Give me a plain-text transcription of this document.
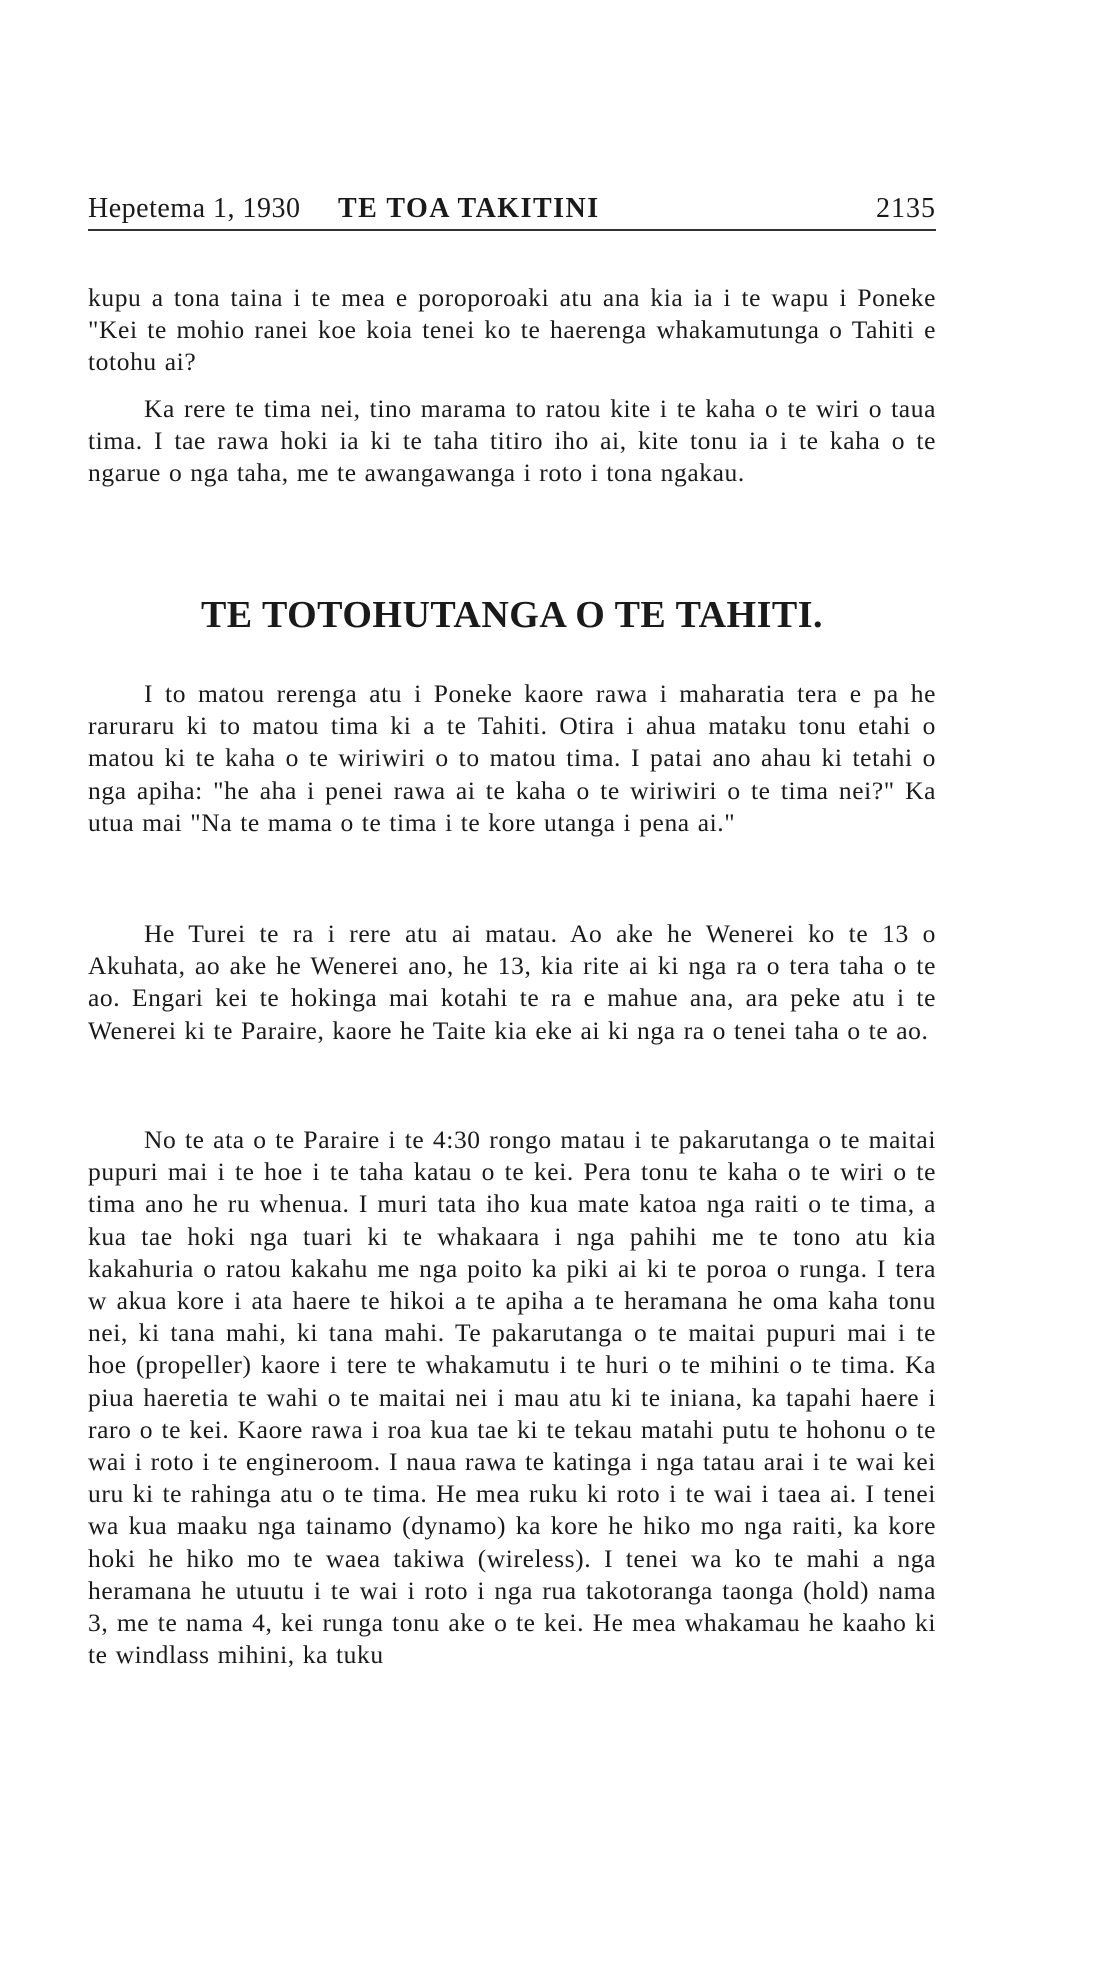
Hepetema 1, 1930 TE TOA TAKITINI	2135

kupu a tona taina i te mea e poroporoaki atu ana kia ia i te wapu i Poneke "Kei te mohio ranei koe koia tenei ko te haerenga whakamutunga o Tahiti e totohu ai?

Ka rere te tima nei, tino marama to ratou kite i te kaha o te wiri o taua tima. I tae rawa hoki ia ki te taha titiro iho ai, kite tonu ia i te kaha o te ngarue o nga taha, me te awangawanga i roto i tona ngakau.

TE TOTOHUTANGA O TE TAHITI.

I to matou rerenga atu i Poneke kaore rawa i maharatia tera e pa he raruraru ki to matou tima ki a te Tahiti. Otira i ahua mataku tonu etahi o matou ki te kaha o te wiriwiri o to matou tima. I patai ano ahau ki tetahi o nga apiha: "he aha i penei rawa ai te kaha o te wiriwiri o te tima nei?" Ka utua mai "Na te mama o te tima i te kore utanga i pena ai."

He Turei te ra i rere atu ai matau. Ao ake he Wenerei ko te 13 o Akuhata, ao ake he Wenerei ano, he 13, kia rite ai ki nga ra o tera taha o te ao. Engari kei te hokinga mai kotahi te ra e mahue ana, ara peke atu i te Wenerei ki te Paraire, kaore he Taite kia eke ai ki nga ra o tenei taha o te ao.

No te ata o te Paraire i te 4:30 rongo matau i te pakarutanga o te maitai pupuri mai i te hoe i te taha katau o te kei. Pera tonu te kaha o te wiri o te tima ano he ru whenua. I muri tata iho kua mate katoa nga raiti o te tima, a kua tae hoki nga tuari ki te whakaara i nga pahihi me te tono atu kia kakahuria o ratou kakahu me nga poito ka piki ai ki te poroa o runga. I tera w akua kore i ata haere te hikoi a te apiha a te heramana he oma kaha tonu nei, ki tana mahi, ki tana mahi. Te pakarutanga o te maitai pupuri mai i te hoe (propeller) kaore i tere te whakamutu i te huri o te mihini o te tima. Ka piua haeretia te wahi o te maitai nei i mau atu ki te iniana, ka tapahi haere i raro o te kei. Kaore rawa i roa kua tae ki te tekau matahi putu te hohonu o te wai i roto i te engineroom. I naua rawa te katinga i nga tatau arai i te wai kei uru ki te rahinga atu o te tima. He mea ruku ki roto i te wai i taea ai. I tenei wa kua maaku nga tainamo (dynamo) ka kore he hiko mo nga raiti, ka kore hoki he hiko mo te waea takiwa (wireless). I tenei wa ko te mahi a nga heramana he utuutu i te wai i roto i nga rua takotoranga taonga (hold) nama 3, me te nama 4, kei runga tonu ake o te kei. He mea whakamau he kaaho ki te windlass mihini, ka tuku
